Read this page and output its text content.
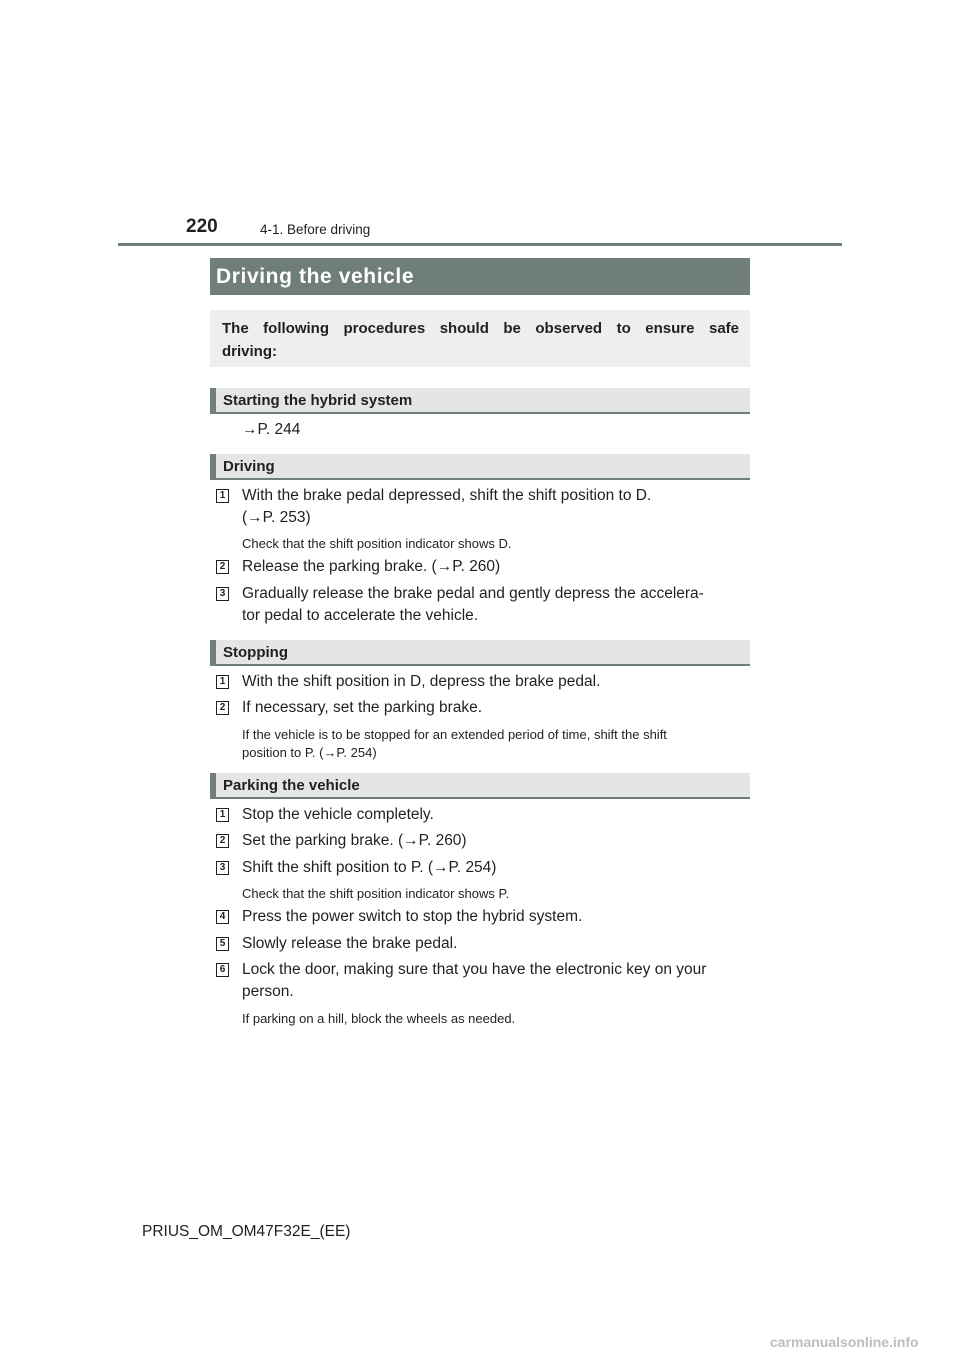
220	4-1. Before driving
Driving the vehicle
The following procedures should be observed to ensure safe driving:
Starting the hybrid system
→P. 244
Driving
1 With the brake pedal depressed, shift the shift position to D.
(→P. 253)
Check that the shift position indicator shows D.
2 Release the parking brake. (→P. 260)
3 Gradually release the brake pedal and gently depress the accelera-
tor pedal to accelerate the vehicle.
Stopping
1 With the shift position in D, depress the brake pedal.
2 If necessary, set the parking brake.
If the vehicle is to be stopped for an extended period of time, shift the shift
position to P. (→P. 254)
Parking the vehicle
1 Stop the vehicle completely.
2 Set the parking brake. (→P. 260)
3 Shift the shift position to P. (→P. 254)
Check that the shift position indicator shows P.
4 Press the power switch to stop the hybrid system.
5 Slowly release the brake pedal.
6 Lock the door, making sure that you have the electronic key on your
person.
If parking on a hill, block the wheels as needed.
PRIUS_OM_OM47F32E_(EE)
carmanualsonline.info
